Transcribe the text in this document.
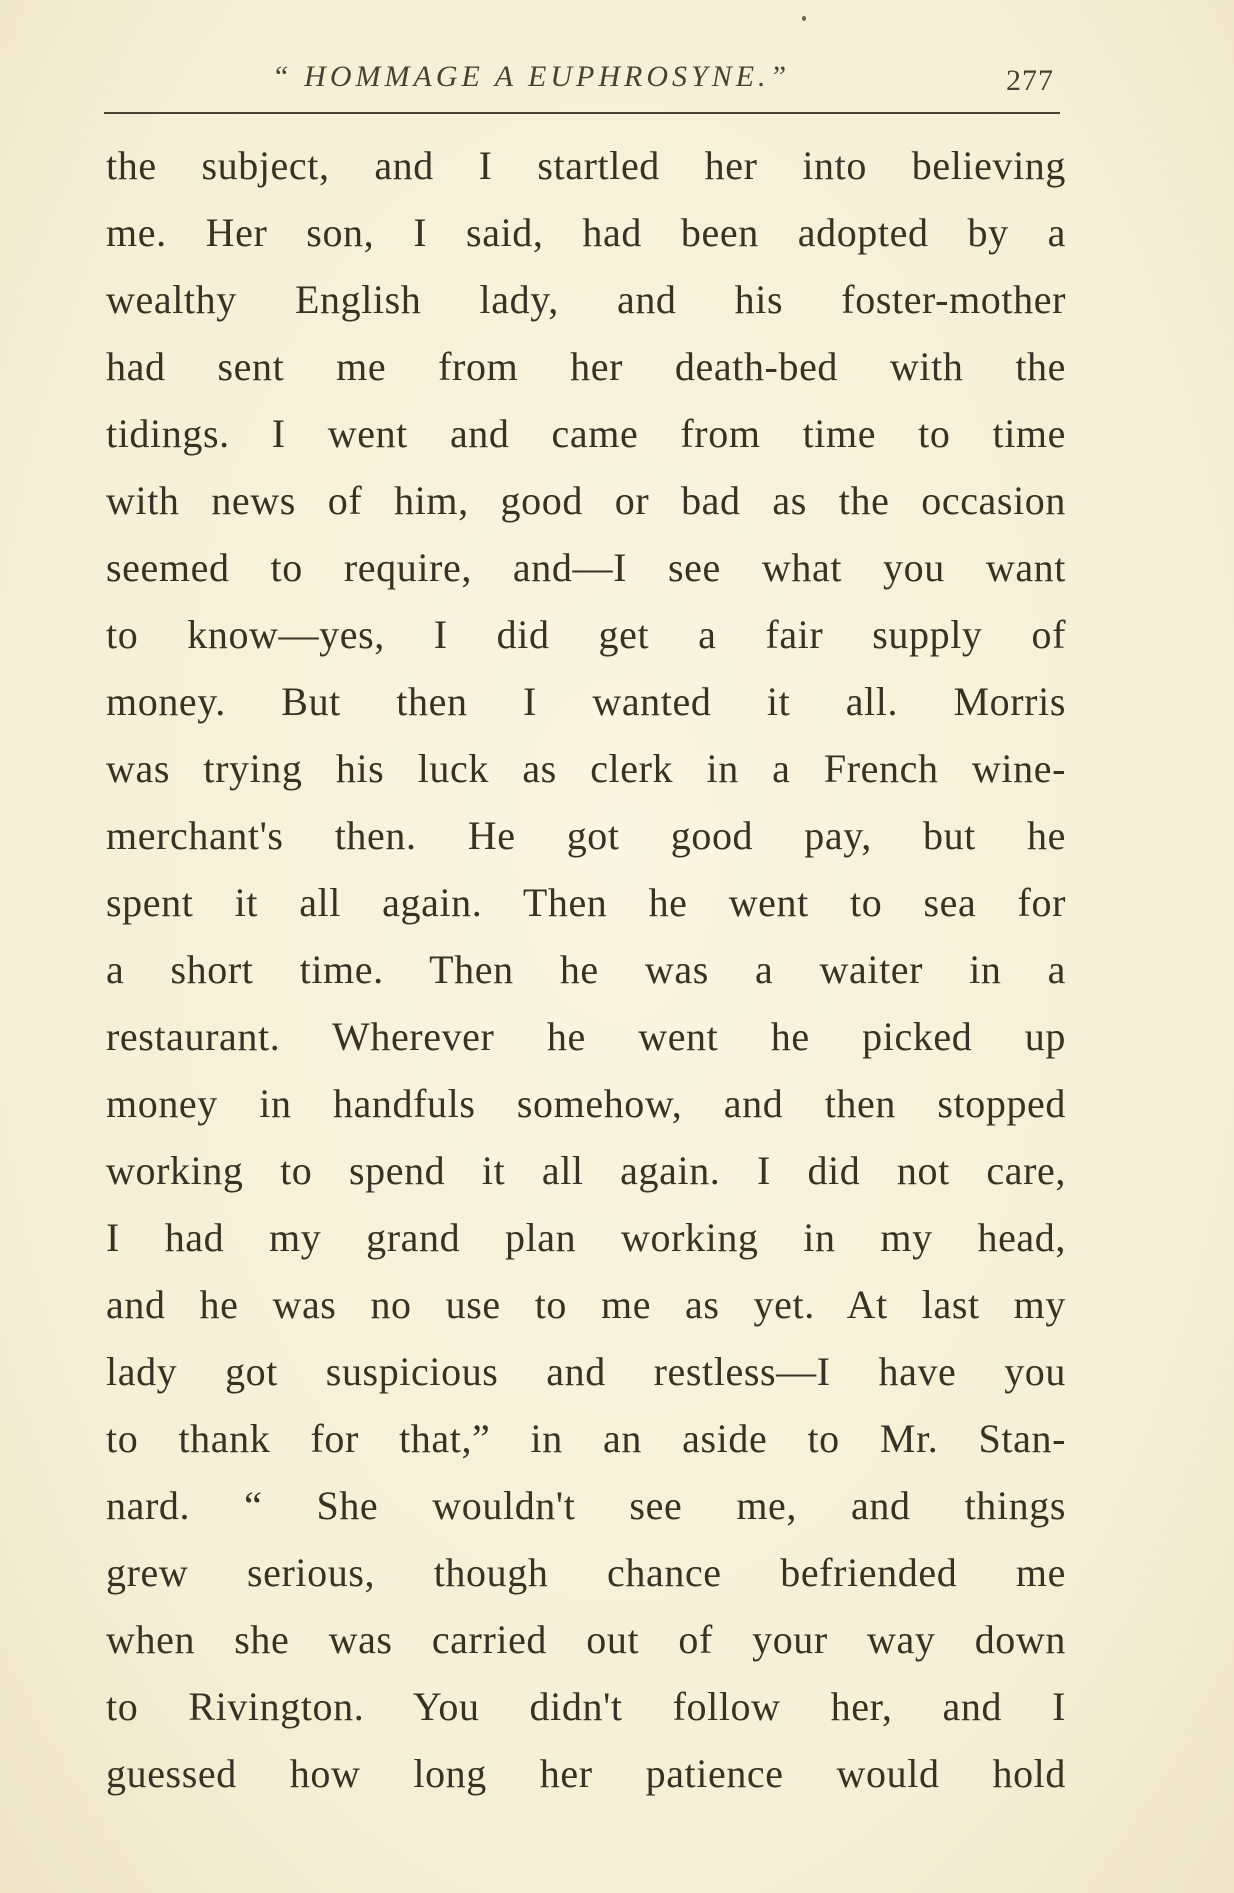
“ HOMMAGE A EUPHROSYNE.”	277
the subject, and I startled her into believing
me. Her son, I said, had been adopted by a
wealthy English lady, and his foster-mother
had sent me from her death-bed with the
tidings. I went and came from time to time
with news of him, good or bad as the occasion
seemed to require, and—I see what you want
to know—yes, I did get a fair supply of
money. But then I wanted it all. Morris
was trying his luck as clerk in a French wine-
merchant's then. He got good pay, but he
spent it all again. Then he went to sea for
a short time. Then he was a waiter in a
restaurant. Wherever he went he picked up
money in handfuls somehow, and then stopped
working to spend it all again. I did not care,
I had my grand plan working in my head,
and he was no use to me as yet. At last my
lady got suspicious and restless—I have you
to thank for that,” in an aside to Mr. Stan-
nard. “ She wouldn't see me, and things
grew serious, though chance befriended me
when she was carried out of your way down
to Rivington. You didn't follow her, and I
guessed how long her patience would hold
